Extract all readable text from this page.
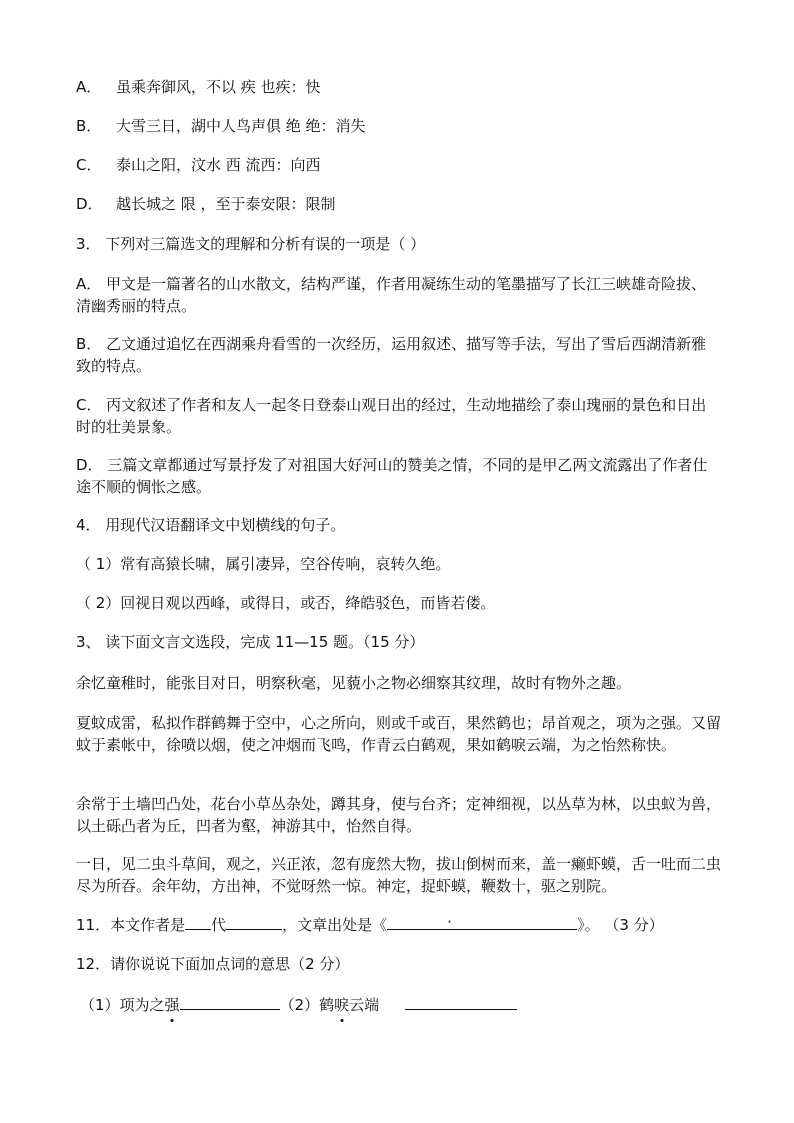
A． 虽乘奔御风，不以 疾 也疾：快

B． 大雪三日，湖中人鸟声俱 绝 绝：消失

C． 泰山之阳，汶水 西 流西：向西

D． 越长城之 限 ，至于泰安限：限制

3． 下列对三篇选文的理解和分析有误的一项是（ ）

A． 甲文是一篇著名的山水散文，结构严谨，作者用凝练生动的笔墨描写了长江三峡雄奇险拔、清幽秀丽的特点。

B． 乙文通过追忆在西湖乘舟看雪的一次经历，运用叙述、描写等手法，写出了雪后西湖清新雅致的特点。

C． 丙文叙述了作者和友人一起冬日登泰山观日出的经过，生动地描绘了泰山瑰丽的景色和日出时的壮美景象。

D． 三篇文章都通过写景抒发了对祖国大好河山的赞美之情，不同的是甲乙两文流露出了作者仕途不顺的惆怅之感。

4． 用现代汉语翻译文中划横线的句子。

（ 1）常有高猿长啸，属引凄异，空谷传响，哀转久绝。

（ 2）回视日观以西峰，或得日，或否，绛皓驳色，而皆若偻。

3、 读下面文言文选段，完成 11—15 题。（15 分）

余忆童稚时，能张目对日，明察秋毫，见藐小之物必细察其纹理，故时有物外之趣。

夏蚊成雷，私拟作群鹤舞于空中，心之所向，则或千或百，果然鹤也；昂首观之，项为之强。又留蚊于素帐中，徐喷以烟，使之冲烟而飞鸣，作青云白鹤观，果如鹤唳云端，为之怡然称快。

余常于土墙凹凸处，花台小草丛杂处，蹲其身，使与台齐；定神细视，以丛草为林，以虫蚁为兽，以土砾凸者为丘，凹者为壑，神游其中，怡然自得。

一日，见二虫斗草间，观之，兴正浓，忽有庞然大物，拔山倒树而来，盖一癞虾蟆，舌一吐而二虫尽为所吞。余年幼，方出神，不觉呀然一惊。神定，捉虾蟆，鞭数十，驱之别院。

11．本文作者是 代	，文章出处是《	·	》。 （3 分）

12．请你说说下面加点词的意思（2 分）

（1）项为之强	（2）鹤唳云端
